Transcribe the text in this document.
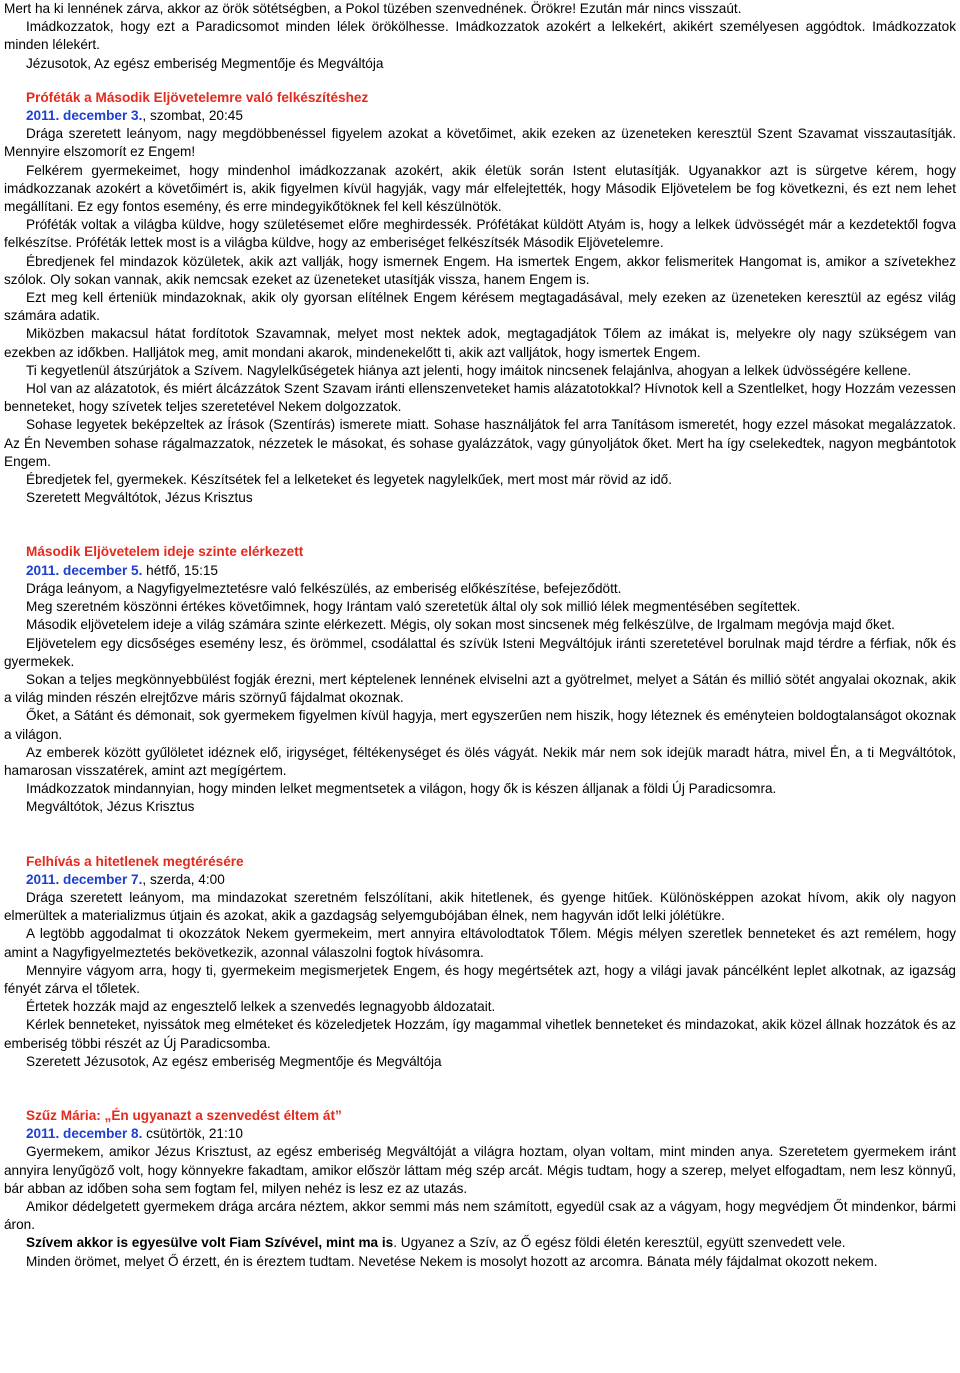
Mert ha ki lennének zárva, akkor az örök sötétségben, a Pokol tüzében szenvednének. Örökre! Ezután már nincs visszaút.

Imádkozzatok, hogy ezt a Paradicsomot minden lélek örökölhesse. Imádkozzatok azokért a lelkekért, akikért személyesen aggódtok. Imádkozzatok minden lélekért.

Jézusotok, Az egész emberiség Megmentője és Megváltója

Próféták a Második Eljövetelemre való felkészítéshez

2011. december 3., szombat, 20:45

Drága szeretett leányom, nagy megdöbbenéssel figyelem azokat a követőimet, akik ezeken az üzeneteken keresztül Szent Szavamat visszautasítják. Mennyire elszomorít ez Engem!

Felkérem gyermekeimet, hogy mindenhol imádkozzanak azokért, akik életük során Istent elutasítják. Ugyanakkor azt is sürgetve kérem, hogy imádkozzanak azokért a követőimért is, akik figyelmen kívül hagyják, vagy már elfelejtették, hogy Második Eljövetelem be fog következni, és ezt nem lehet megállítani. Ez egy fontos esemény, és erre mindegyikőtöknek fel kell készülnötök.

Próféták voltak a világba küldve, hogy születésemet előre meghirdessék. Prófétákat küldött Atyám is, hogy a lelkek üdvösségét már a kezdetektől fogva felkészítse. Próféták lettek most is a világba küldve, hogy az emberiséget felkészítsék Második Eljövetelemre.

Ébredjenek fel mindazok közületek, akik azt vallják, hogy ismernek Engem. Ha ismertek Engem, akkor felismeritek Hangomat is, amikor a szívetekhez szólok. Oly sokan vannak, akik nemcsak ezeket az üzeneteket utasítják vissza, hanem Engem is.

Ezt meg kell érteniük mindazoknak, akik oly gyorsan elítélnek Engem kérésem megtagadásával, mely ezeken az üzeneteken keresztül az egész világ számára adatik.

Miközben makacsul hátat fordítotok Szavamnak, melyet most nektek adok, megtagadjátok Tőlem az imákat is, melyekre oly nagy szükségem van ezekben az időkben. Halljátok meg, amit mondani akarok, mindenekelőtt ti, akik azt valljátok, hogy ismertek Engem.

Ti kegyetlenül átszúrjátok a Szívem. Nagylelkűségetek hiánya azt jelenti, hogy imáitok nincsenek felajánlva, ahogyan a lelkek üdvösségére kellene.

Hol van az alázatotok, és miért álcázzátok Szent Szavam iránti ellenszenveteket hamis alázatotokkal? Hívnotok kell a Szentlelket, hogy Hozzám vezessen benneteket, hogy szívetek teljes szeretetével Nekem dolgozzatok.

Sohase legyetek beképzeltek az Írások (Szentírás) ismerete miatt. Sohase használjátok fel arra Tanításom ismeretét, hogy ezzel másokat megalázzatok. Az Én Nevemben sohase rágalmazzatok, nézzetek le másokat, és sohase gyalázzátok, vagy gúnyoljátok őket. Mert ha így cselekedtek, nagyon megbántotok Engem.

Ébredjetek fel, gyermekek. Készítsétek fel a lelketeket és legyetek nagylelkűek, mert most már rövid az idő.

Szeretett Megváltótok, Jézus Krisztus

Második Eljövetelem ideje szinte elérkezett

2011. december 5. hétfő, 15:15

Drága leányom, a Nagyfigyelmeztetésre való felkészülés, az emberiség előkészítése, befejeződött.

Meg szeretném köszönni értékes követőimnek, hogy Irántam való szeretetük által oly sok millió lélek megmentésében segítettek.

Második eljövetelem ideje a világ számára szinte elérkezett. Mégis, oly sokan most sincsenek még felkészülve, de Irgalmam megóvja majd őket.

Eljövetelem egy dicsőséges esemény lesz, és örömmel, csodálattal és szívük Isteni Megváltójuk iránti szeretetével borulnak majd térdre a férfiak, nők és gyermekek.

Sokan a teljes megkönnyebbülést fogják érezni, mert képtelenek lennének elviselni azt a gyötrelmet, melyet a Sátán és millió sötét angyalai okoznak, akik a világ minden részén elrejtőzve máris szörnyű fájdalmat okoznak.

Őket, a Sátánt és démonait, sok gyermekem figyelmen kívül hagyja, mert egyszerűen nem hiszik, hogy léteznek és eményteien boldogtalanságot okoznak a világon.

Az emberek között gyűlöletet idéznek elő, irigységet, féltékenységet és ölés vágyát. Nekik már nem sok idejük maradt hátra, mivel Én, a ti Megváltótok, hamarosan visszatérek, amint azt megígértem.

Imádkozzatok mindannyian, hogy minden lelket megmentsetek a világon, hogy ők is készen álljanak a földi Új Paradicsomra.

Megváltótok, Jézus Krisztus

Felhívás a hitetlenek megtérésére

2011. december 7., szerda, 4:00

Drága szeretett leányom, ma mindazokat szeretném felszólítani, akik hitetlenek, és gyenge hitűek. Különösképpen azokat hívom, akik oly nagyon elmerültek a materializmus útjain és azokat, akik a gazdagság selyemgubójában élnek, nem hagyván időt lelki jólétükre.

A legtöbb aggodalmat ti okozzátok Nekem gyermekeim, mert annyira eltávolodtatok Tőlem. Mégis mélyen szeretlek benneteket és azt remélem, hogy amint a Nagyfigyelmeztetés bekövetkezik, azonnal válaszolni fogtok hívásomra.

Mennyire vágyom arra, hogy ti, gyermekeim megismerjetek Engem, és hogy megértsétek azt, hogy a világi javak páncélként leplet alkotnak, az igazság fényét zárva el tőletek.

Értetek hozzák majd az engesztelő lelkek a szenvedés legnagyobb áldozatait.

Kérlek benneteket, nyissátok meg elméteket és közeledjetek Hozzám, így magammal vihetlek benneteket és mindazokat, akik közel állnak hozzátok és az emberiség többi részét az Új Paradicsomba.

Szeretett Jézusotok, Az egész emberiség Megmentője és Megváltója

Szűz Mária: „Én ugyanazt a szenvedést éltem át”

2011. december 8. csütörtök, 21:10

Gyermekem, amikor Jézus Krisztust, az egész emberiség Megváltóját a világra hoztam, olyan voltam, mint minden anya. Szeretetem gyermekem iránt annyira lenyűgöző volt, hogy könnyekre fakadtam, amikor először láttam még szép arcát. Mégis tudtam, hogy a szerep, melyet elfogadtam, nem lesz könnyű, bár abban az időben soha sem fogtam fel, milyen nehéz is lesz ez az utazás.

Amikor dédelgetett gyermekem drága arcára néztem, akkor semmi más nem számított, egyedül csak az a vágyam, hogy megvédjem Őt mindenkor, bármi áron.

Szívem akkor is egyesülve volt Fiam Szívével, mint ma is. Ugyanez a Szív, az Ő egész földi életén keresztül, együtt szenvedett vele.

Minden örömet, melyet Ő érzett, én is éreztem tudtam. Nevetése Nekem is mosolyt hozott az arcomra. Bánata mély fájdalmat okozott nekem.
